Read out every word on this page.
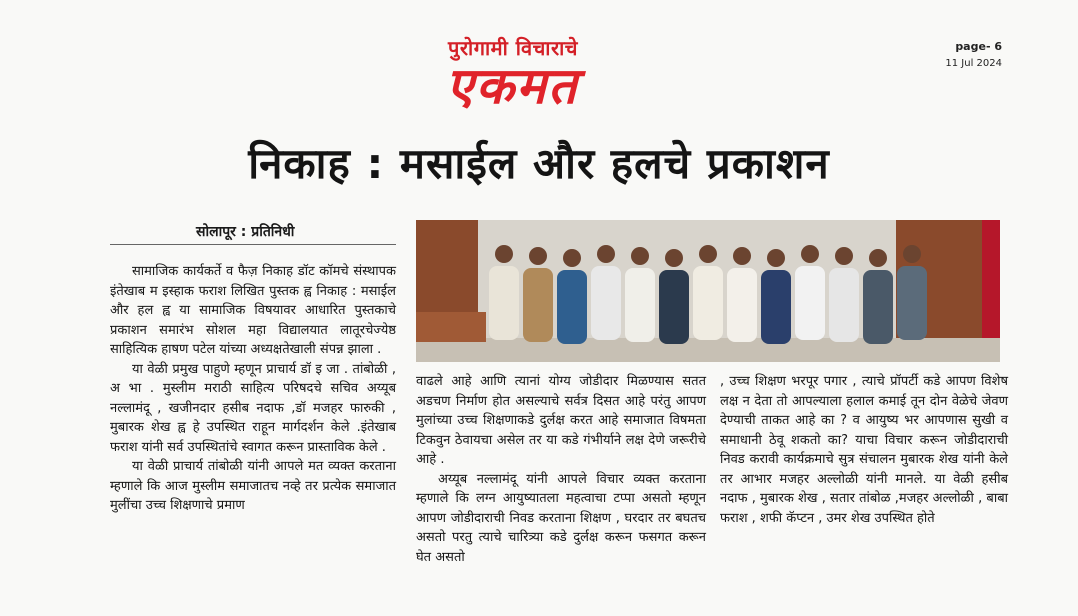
पुरोगामी विचाराचे
एकमत
page- 6
11 Jul 2024
निकाह : मसाईल और हलचे प्रकाशन
सोलापूर : प्रतिनिधी

सामाजिक कार्यकर्ते व फैज़ निकाह डॉट कॉमचे संस्थापक इंतेखाब म इस्हाक फराश लिखित पुस्तक ह्व निकाह : मसाईल और हल ह्व या सामाजिक विषयावर आधारित पुस्तकाचे प्रकाशन समारंभ सोशल महा विद्यालयात लातूरचेज्येष्ठ साहित्यिक हाषण पटेल यांच्या अध्यक्षतेखाली संपन्न झाला .

या वेळी प्रमुख पाहुणे म्हणून प्राचार्य डॉ इ जा . तांबोळी , अ भा . मुस्लीम मराठी साहित्य परिषदचे सचिव अय्यूब नल्लामंदू , खजीनदार हसीब नदाफ ,डॉ मजहर फारुकी , मुबारक शेख ह्व हे उपस्थित राहून मार्गदर्शन केले .इंतेखाब फराश यांनी सर्व उपस्थितांचे स्वागत करून प्रास्ताविक केले .

या वेळी प्राचार्य तांबोळी यांनी आपले मत व्यक्त करताना म्हणाले कि आज मुस्लीम समाजातच नव्हे तर प्रत्येक समाजात मुलींचा उच्च शिक्षणाचे प्रमाण

वाढले आहे आणि त्यानां योग्य जोडीदार मिळण्यास सतत अडचण निर्माण होत असल्याचे सर्वत्र दिसत आहे परंतु आपण मुलांच्या उच्च शिक्षणाकडे दुर्लक्ष करत आहे समाजात विषमता टिकवुन ठेवायचा असेल तर या कडे गंभीर्याने लक्ष देणे जरूरीचे आहे .

अय्यूब नल्लामंदू यांनी आपले विचार व्यक्त करताना म्हणाले कि लग्न आयुष्यातला महत्वाचा टप्पा असतो म्हणून आपण जोडीदाराची निवड करताना शिक्षण , घरदार तर बघतच असतो परतु त्याचे चारित्र्या कडे दुर्लक्ष करून फसगत करून घेत असतो

, उच्च शिक्षण भरपूर पगार , त्याचे प्रॉपर्टी कडे आपण विशेष लक्ष न देता तो आपल्याला हलाल कमाई तून दोन वेळेचे जेवण देण्याची ताकत आहे का ? व आयुष्य भर आपणास सुखी व समाधानी ठेवू शकतो का? याचा विचार करून जोडीदाराची निवड करावी कार्यक्रमाचे सुत्र संचालन मुबारक शेख यांनी केले तर आभार मजहर अल्लोळी यांनी मानले. या वेळी हसीब नदाफ , मुबारक शेख , सतार तांबोळ ,मजहर अल्लोळी , बाबा फराश , शफी कॅप्टन , उमर शेख उपस्थित होते
